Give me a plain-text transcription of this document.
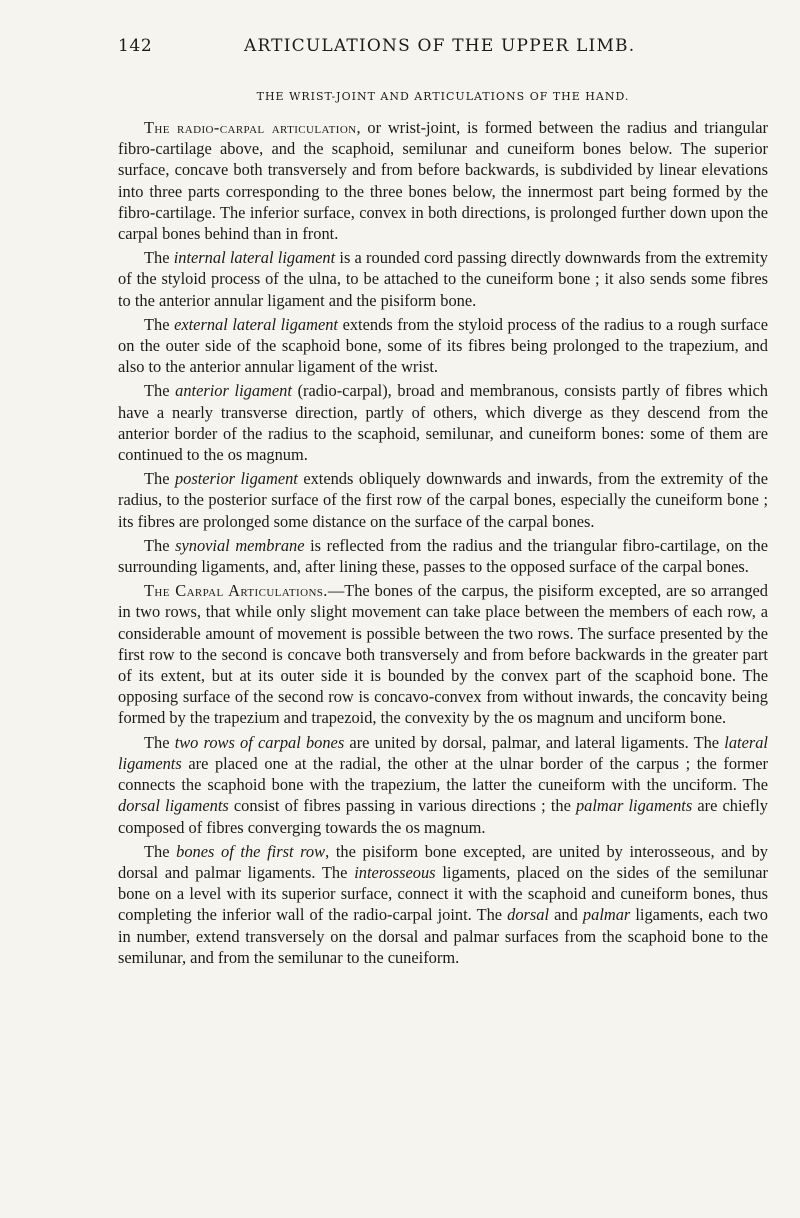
142	ARTICULATIONS OF THE UPPER LIMB.
THE WRIST-JOINT AND ARTICULATIONS OF THE HAND.

The radio-carpal articulation, or wrist-joint, is formed between the radius and triangular fibro-cartilage above, and the scaphoid, semilunar and cuneiform bones below. The superior surface, concave both transversely and from before backwards, is subdivided by linear elevations into three parts corresponding to the three bones below, the innermost part being formed by the fibro-cartilage. The inferior surface, convex in both directions, is prolonged further down upon the carpal bones behind than in front.

The internal lateral ligament is a rounded cord passing directly downwards from the extremity of the styloid process of the ulna, to be attached to the cuneiform bone ; it also sends some fibres to the anterior annular ligament and the pisiform bone.

The external lateral ligament extends from the styloid process of the radius to a rough surface on the outer side of the scaphoid bone, some of its fibres being prolonged to the trapezium, and also to the anterior annular ligament of the wrist.

The anterior ligament (radio-carpal), broad and membranous, consists partly of fibres which have a nearly transverse direction, partly of others, which diverge as they descend from the anterior border of the radius to the scaphoid, semilunar, and cuneiform bones: some of them are continued to the os magnum.

The posterior ligament extends obliquely downwards and inwards, from the extremity of the radius, to the posterior surface of the first row of the carpal bones, especially the cuneiform bone ; its fibres are prolonged some distance on the surface of the carpal bones.

The synovial membrane is reflected from the radius and the triangular fibro-cartilage, on the surrounding ligaments, and, after lining these, passes to the opposed surface of the carpal bones.

The Carpal Articulations.—The bones of the carpus, the pisiform excepted, are so arranged in two rows, that while only slight movement can take place between the members of each row, a considerable amount of movement is possible between the two rows. The surface presented by the first row to the second is concave both transversely and from before backwards in the greater part of its extent, but at its outer side it is bounded by the convex part of the scaphoid bone. The opposing surface of the second row is concavo-convex from without inwards, the concavity being formed by the trapezium and trapezoid, the convexity by the os magnum and unciform bone.

The two rows of carpal bones are united by dorsal, palmar, and lateral ligaments. The lateral ligaments are placed one at the radial, the other at the ulnar border of the carpus ; the former connects the scaphoid bone with the trapezium, the latter the cuneiform with the unciform. The dorsal ligaments consist of fibres passing in various directions ; the palmar ligaments are chiefly composed of fibres converging towards the os magnum.

The bones of the first row, the pisiform bone excepted, are united by interosseous, and by dorsal and palmar ligaments. The interosseous ligaments, placed on the sides of the semilunar bone on a level with its superior surface, connect it with the scaphoid and cuneiform bones, thus completing the inferior wall of the radio-carpal joint. The dorsal and palmar ligaments, each two in number, extend transversely on the dorsal and palmar surfaces from the scaphoid bone to the semilunar, and from the semilunar to the cuneiform.
